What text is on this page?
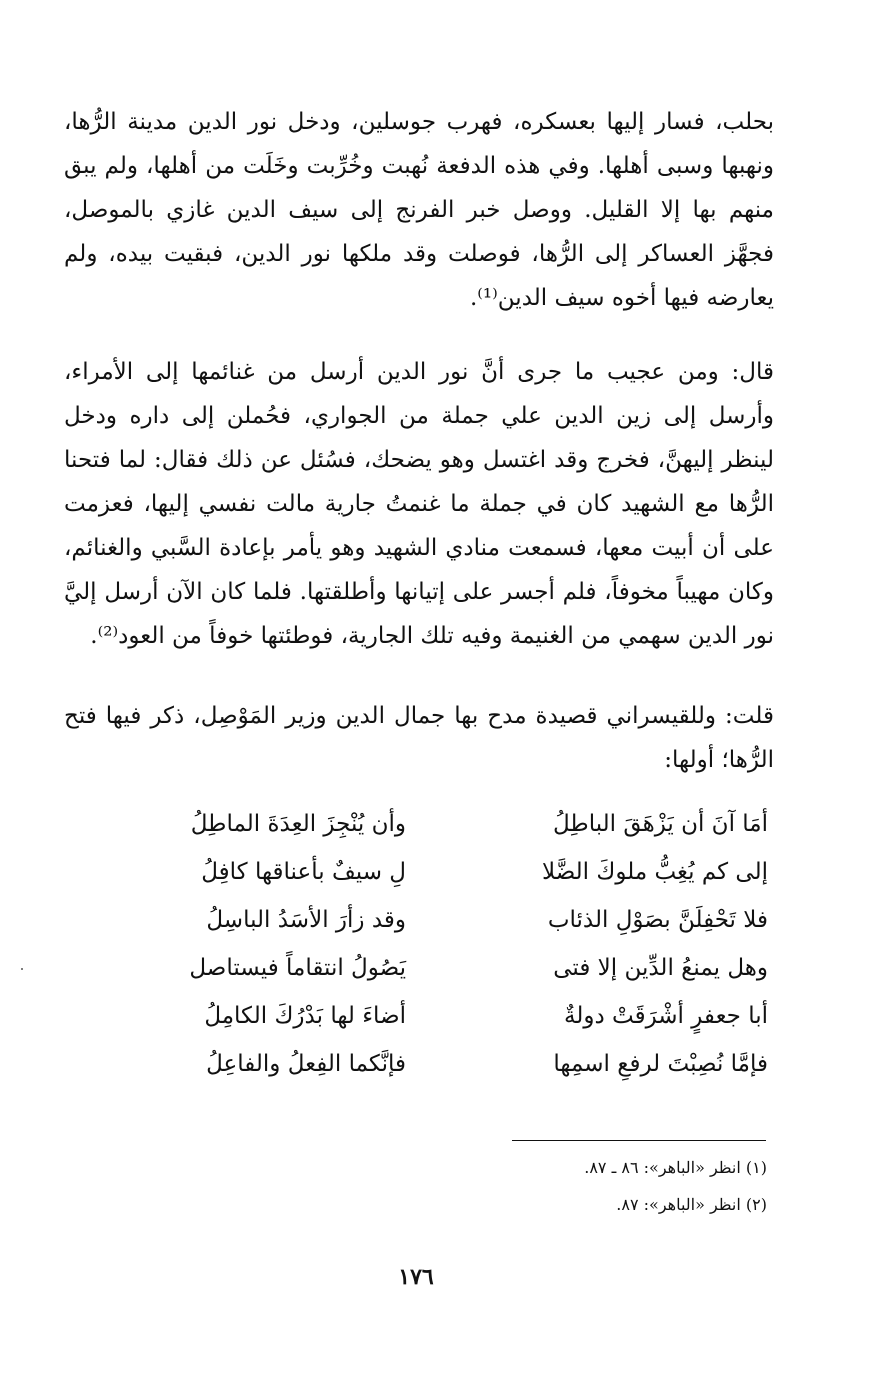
بحلب، فسار إليها بعسكره، فهرب جوسلين، ودخل نور الدين مدينة الرُّها، ونهبها وسبى أهلها. وفي هذه الدفعة نُهبت وخُرِّبت وخَلَت من أهلها، ولم يبق منهم بها إلا القليل. ووصل خبر الفرنج إلى سيف الدين غازي بالموصل، فجهَّز العساكر إلى الرُّها، فوصلت وقد ملكها نور الدين، فبقيت بيده، ولم يعارضه فيها أخوه سيف الدين⁽¹⁾.

قال: ومن عجيب ما جرى أنَّ نور الدين أرسل من غنائمها إلى الأمراء، وأرسل إلى زين الدين علي جملة من الجواري، فحُملن إلى داره ودخل لينظر إليهنَّ، فخرج وقد اغتسل وهو يضحك، فسُئل عن ذلك فقال: لما فتحنا الرُّها مع الشهيد كان في جملة ما غنمتُ جارية مالت نفسي إليها، فعزمت على أن أبيت معها، فسمعت منادي الشهيد وهو يأمر بإعادة السَّبي والغنائم، وكان مهيباً مخوفاً، فلم أجسر على إتيانها وأطلقتها. فلما كان الآن أرسل إليَّ نور الدين سهمي من الغنيمة وفيه تلك الجارية، فوطئتها خوفاً من العود⁽²⁾.

قلت: وللقيسراني قصيدة مدح بها جمال الدين وزير المَوْصِل، ذكر فيها فتح الرُّها؛ أولها:

أمَا آنَ أن يَزْهَقَ الباطِلُ

وأن يُنْجِزَ العِدَةَ الماطِلُ

إلى كم يُغِبُّ ملوكَ الضَّلا

لِ سيفٌ بأعناقها كافِلُ

فلا تَحْفِلَنَّ بصَوْلِ الذئاب

وقد زأرَ الأسَدُ الباسِلُ

وهل يمنعُ الدِّين إلا فتى

يَصُولُ انتقاماً فيستاصل

أبا جعفرٍ أشْرَقَتْ دولةٌ

أضاءَ لها بَدْرُكَ الكامِلُ

فإمَّا نُصِبْتَ لرفعِ اسمِها

فإنَّكما الفِعلُ والفاعِلُ

(١) انظر «الباهر»: ٨٦ ـ ٨٧.

(٢) انظر «الباهر»: ٨٧.

١٧٦
